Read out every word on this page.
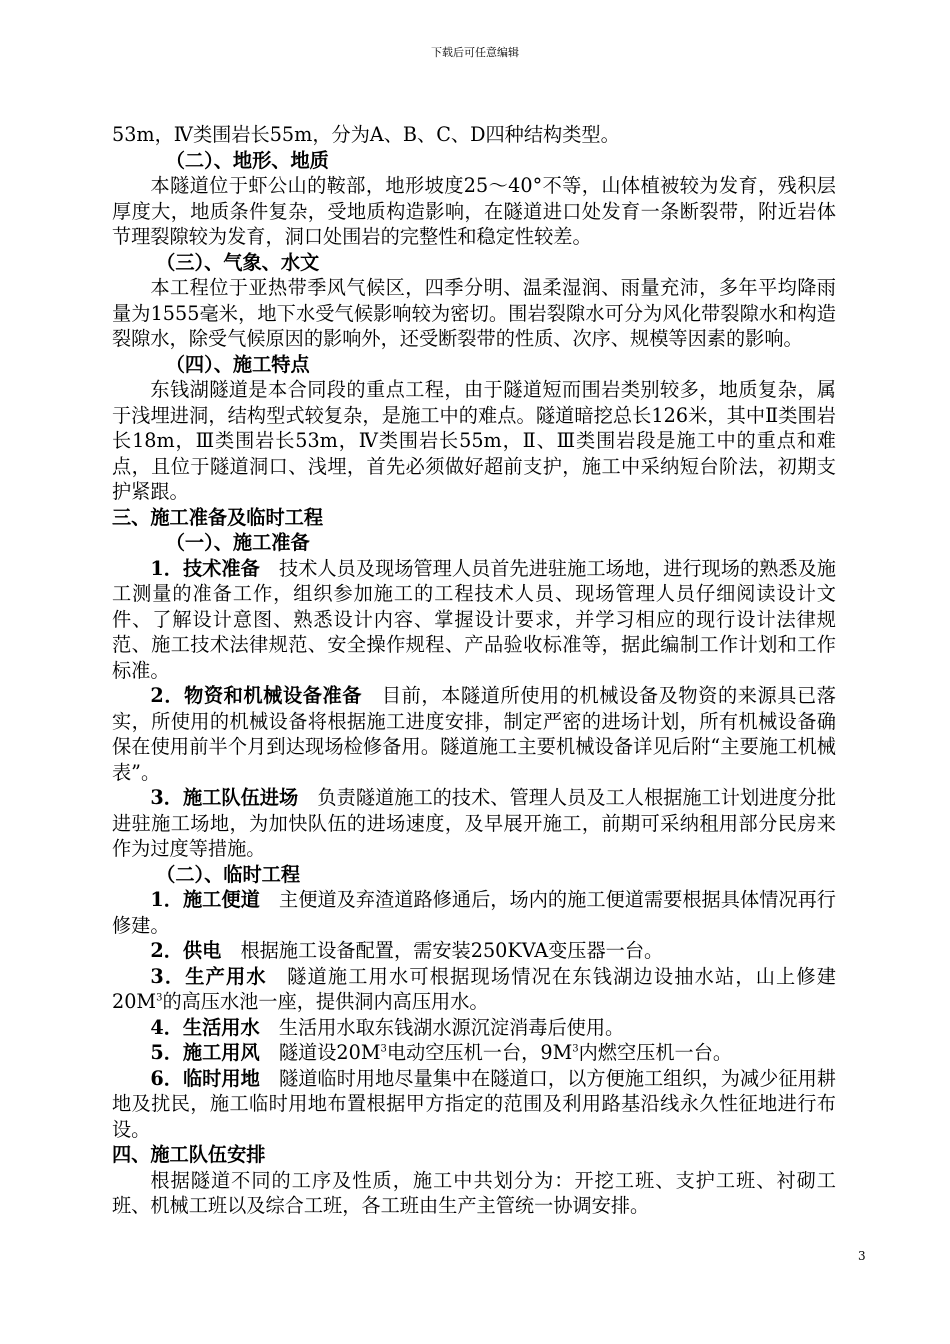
下载后可任意编辑

53m，Ⅳ类围岩长55m，分为A、B、C、D四种结构类型。

（二）、地形、地质

本隧道位于虾公山的鞍部，地形坡度25～40°不等，山体植被较为发育，残积层厚度大，地质条件复杂，受地质构造影响，在隧道进口处发育一条断裂带，附近岩体节理裂隙较为发育，洞口处围岩的完整性和稳定性较差。

（三）、气象、水文

本工程位于亚热带季风气候区，四季分明、温柔湿润、雨量充沛，多年平均降雨量为1555毫米，地下水受气候影响较为密切。围岩裂隙水可分为风化带裂隙水和构造裂隙水，除受气候原因的影响外，还受断裂带的性质、次序、规模等因素的影响。

（四）、施工特点

东钱湖隧道是本合同段的重点工程，由于隧道短而围岩类别较多，地质复杂，属于浅埋进洞，结构型式较复杂，是施工中的难点。隧道暗挖总长126米，其中Ⅱ类围岩长18m，Ⅲ类围岩长53m，Ⅳ类围岩长55m，Ⅱ、Ⅲ类围岩段是施工中的重点和难点，且位于隧道洞口、浅埋，首先必须做好超前支护，施工中采纳短台阶法，初期支护紧跟。

三、施工准备及临时工程

（一）、施工准备

1．技术准备　技术人员及现场管理人员首先进驻施工场地，进行现场的熟悉及施工测量的准备工作，组织参加施工的工程技术人员、现场管理人员仔细阅读设计文件、了解设计意图、熟悉设计内容、掌握设计要求，并学习相应的现行设计法律规范、施工技术法律规范、安全操作规程、产品验收标准等，据此编制工作计划和工作标准。

2．物资和机械设备准备　目前，本隧道所使用的机械设备及物资的来源具已落实，所使用的机械设备将根据施工进度安排，制定严密的进场计划，所有机械设备确保在使用前半个月到达现场检修备用。隧道施工主要机械设备详见后附“主要施工机械表”。

3．施工队伍进场　负责隧道施工的技术、管理人员及工人根据施工计划进度分批进驻施工场地，为加快队伍的进场速度，及早展开施工，前期可采纳租用部分民房来作为过度等措施。

（二）、临时工程

1．施工便道　主便道及弃渣道路修通后，场内的施工便道需要根据具体情况再行修建。

2．供电　根据施工设备配置，需安装250KVA变压器一台。

3．生产用水　隧道施工用水可根据现场情况在东钱湖边设抽水站，山上修建$20M^3$的高压水池一座，提供洞内高压用水。

4．生活用水　生活用水取东钱湖水源沉淀消毒后使用。

5．施工用风　隧道设$20M^3$电动空压机一台，$9M^3$内燃空压机一台。

6．临时用地　隧道临时用地尽量集中在隧道口，以方便施工组织，为减少征用耕地及扰民，施工临时用地布置根据甲方指定的范围及利用路基沿线永久性征地进行布设。

四、施工队伍安排

根据隧道不同的工序及性质，施工中共划分为：开挖工班、支护工班、衬砌工班、机械工班以及综合工班，各工班由生产主管统一协调安排。

3
